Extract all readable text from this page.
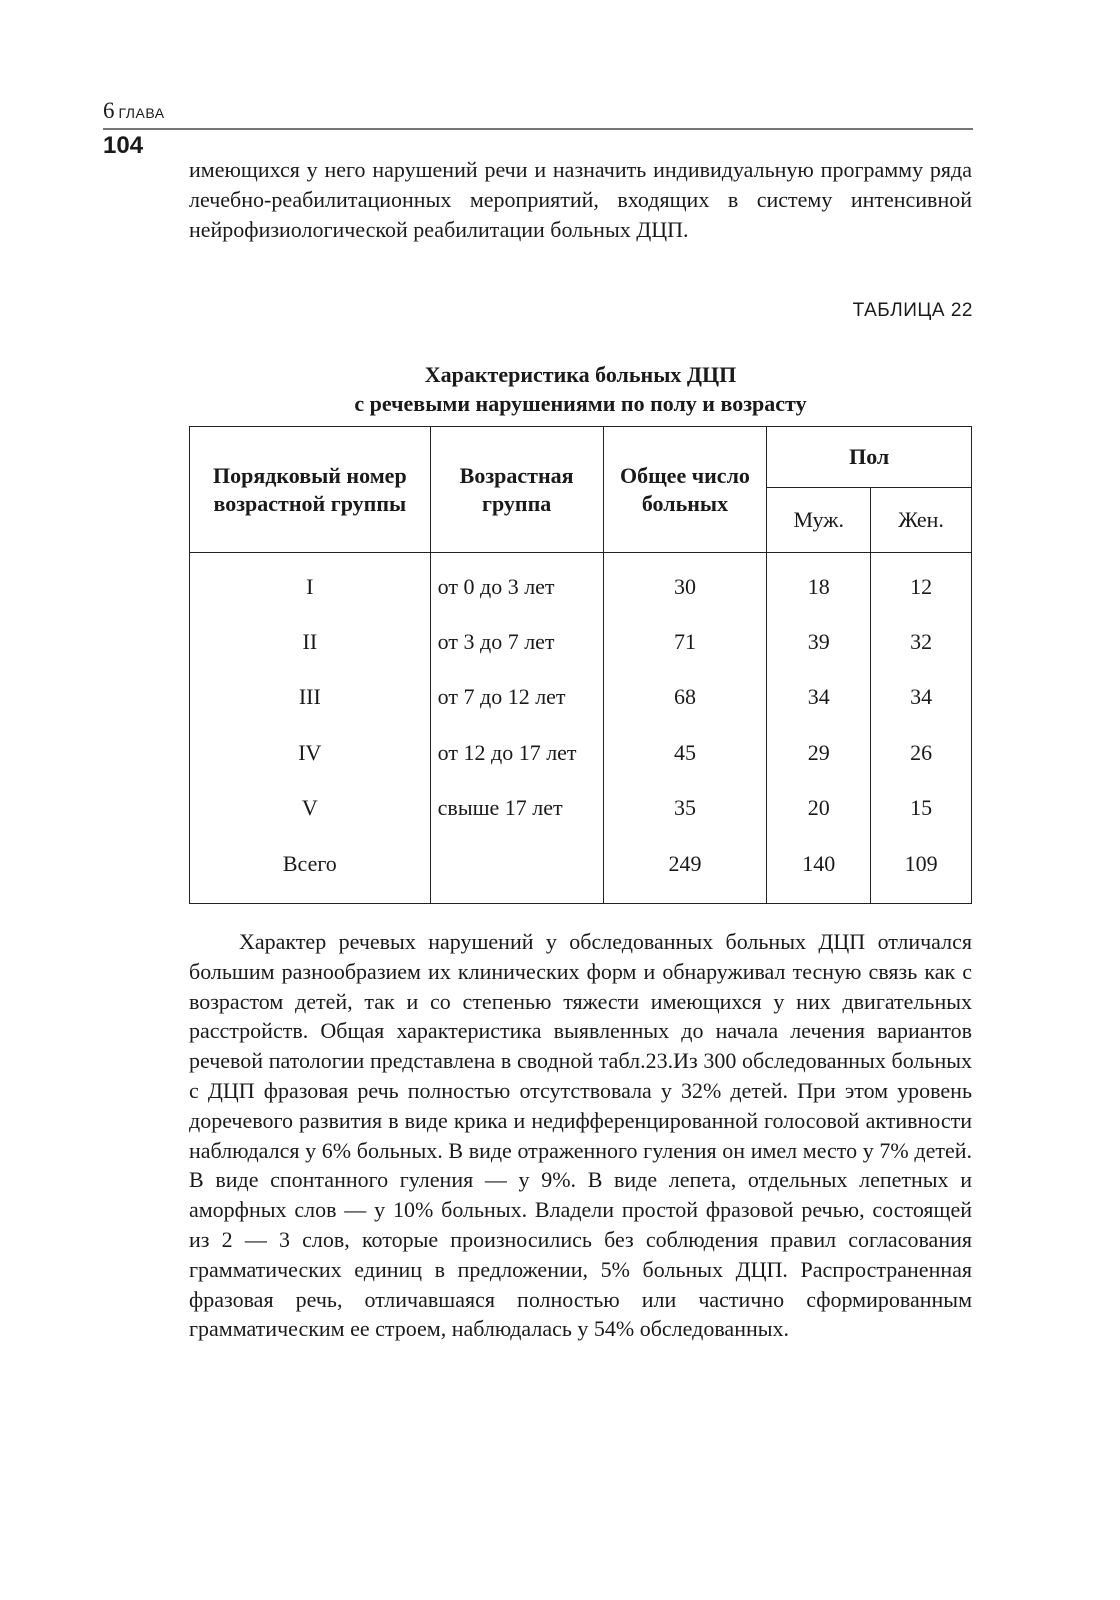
6 ГЛАВА
104

имеющихся у него нарушений речи и назначить индивидуальную программу ряда лечебно-реабилитационных мероприятий, входящих в систему интенсивной нейрофизиологической реабилитации больных ДЦП.

ТАБЛИЦА 22
Характеристика больных ДЦП
с речевыми нарушениями по полу и возрасту
Порядковый номер возрастной группы	Возрастная группа	Общее число больных	Пол	
			Муж.	Жен.
I	от 0 до 3 лет	30	18	12
II	от 3 до 7 лет	71	39	32
III	от 7 до 12 лет	68	34	34
IV	от 12 до 17 лет	45	29	26
V	свыше 17 лет	35	20	15
Всего		249	140	109

Характер речевых нарушений у обследованных больных ДЦП отличался большим разнообразием их клинических форм и обнаруживал тесную связь как с возрастом детей, так и со степенью тяжести имеющихся у них двигательных расстройств. Общая характеристика выявленных до начала лечения вариантов речевой патологии представлена в сводной табл.23.Из 300 обследованных больных с ДЦП фразовая речь полностью отсутствовала у 32% детей. При этом уровень доречевого развития в виде крика и недифференцированной голосовой активности наблюдался у 6% больных. В виде отраженного гуления он имел место у 7% детей. В виде спонтанного гуления — у 9%. В виде лепета, отдельных лепетных и аморфных слов — у 10% больных. Владели простой фразовой речью, состоящей из 2 — 3 слов, которые произносились без соблюдения правил согласования грамматических единиц в предложении, 5% больных ДЦП. Распространенная фразовая речь, отличавшаяся полностью или частично сформированным грамматическим ее строем, наблюдалась у 54% обследованных.
